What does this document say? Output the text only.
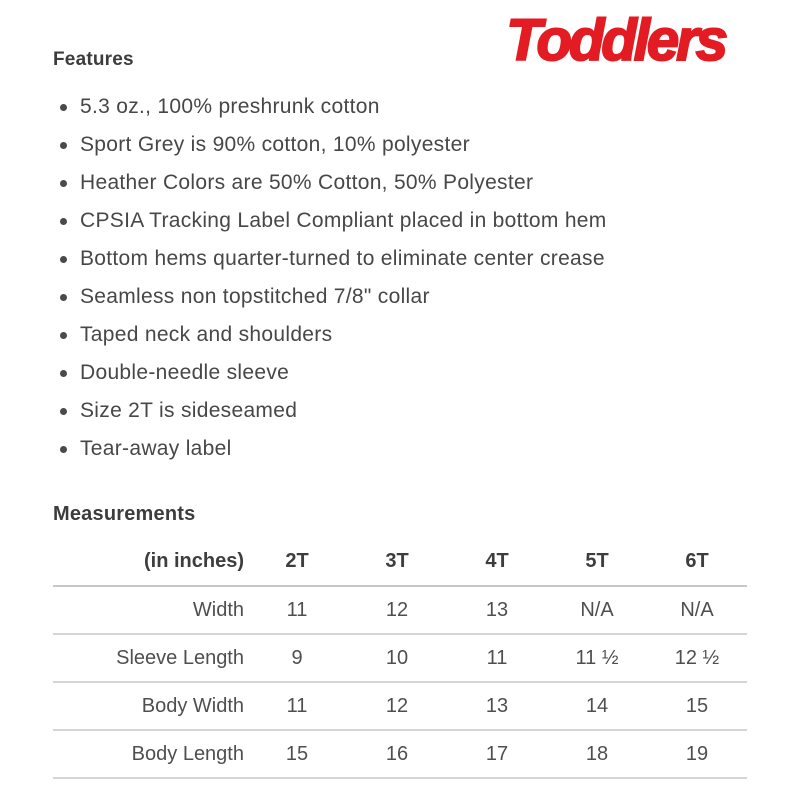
Features	Toddlers
5.3 oz., 100% preshrunk cotton
Sport Grey is 90% cotton, 10% polyester
Heather Colors are 50% Cotton, 50% Polyester
CPSIA Tracking Label Compliant placed in bottom hem
Bottom hems quarter-turned to eliminate center crease
Seamless non topstitched 7/8" collar
Taped neck and shoulders
Double-needle sleeve
Size 2T is sideseamed
Tear-away label
Measurements
(in inches)	2T	3T	4T	5T	6T
Width	11	12	13	N/A	N/A
Sleeve Length	9	10	11	11 ½	12 ½
Body Width	11	12	13	14	15
Body Length	15	16	17	18	19
